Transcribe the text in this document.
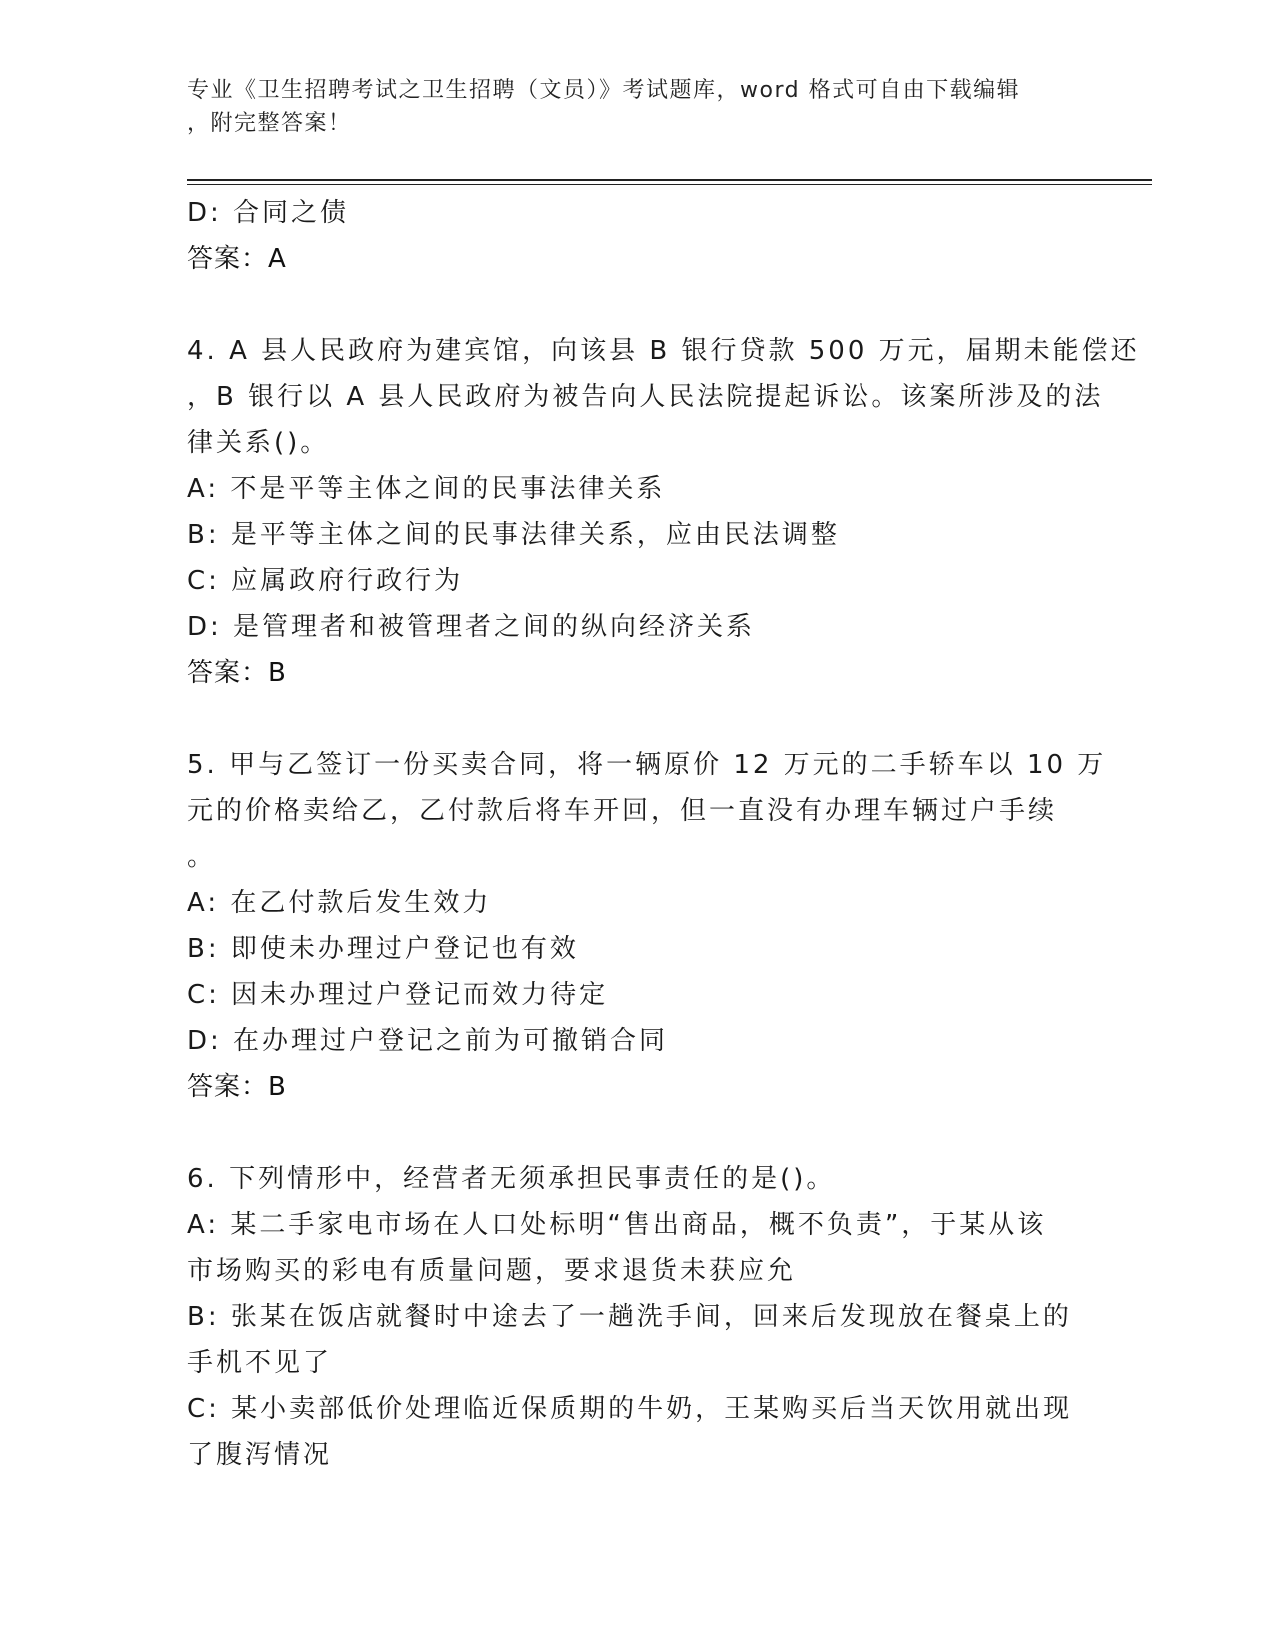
专业《卫生招聘考试之卫生招聘（文员）》考试题库，word 格式可自由下载编辑
，附完整答案！

D: 合同之债

答案：A

4. A 县人民政府为建宾馆，向该县 B 银行贷款 500 万元，届期未能偿还

，B 银行以 A 县人民政府为被告向人民法院提起诉讼。该案所涉及的法

律关系()。

A: 不是平等主体之间的民事法律关系

B: 是平等主体之间的民事法律关系，应由民法调整

C: 应属政府行政行为

D: 是管理者和被管理者之间的纵向经济关系

答案：B

5. 甲与乙签订一份买卖合同，将一辆原价 12 万元的二手轿车以 10 万

元的价格卖给乙，乙付款后将车开回，但一直没有办理车辆过户手续

。

A: 在乙付款后发生效力

B: 即使未办理过户登记也有效

C: 因未办理过户登记而效力待定

D: 在办理过户登记之前为可撤销合同

答案：B

6. 下列情形中，经营者无须承担民事责任的是()。

A: 某二手家电市场在人口处标明“售出商品，概不负责”，于某从该

市场购买的彩电有质量问题，要求退货未获应允

B: 张某在饭店就餐时中途去了一趟洗手间，回来后发现放在餐桌上的

手机不见了

C: 某小卖部低价处理临近保质期的牛奶，王某购买后当天饮用就出现

了腹泻情况
